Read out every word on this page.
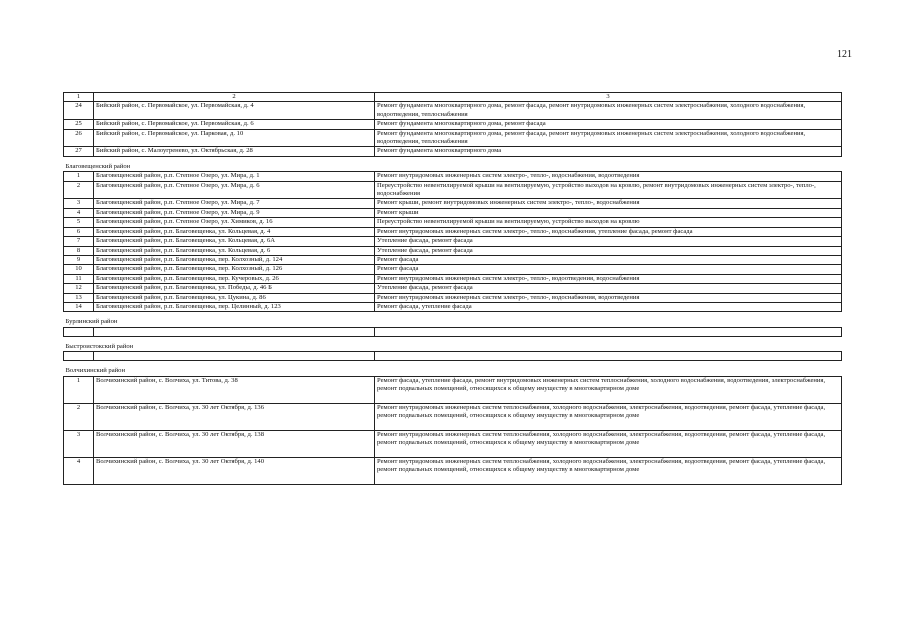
121
1	2	3
24	Бийский район, с. Первомайское, ул. Первомайская, д. 4	Ремонт фундамента многоквартирного дома, ремонт фасада, ремонт внутридомовых инженерных систем электроснабжения, холодного водоснабжения, водоотведения, теплоснабжения
25	Бийский район, с. Первомайское, ул. Первомайская, д. 6	Ремонт фундамента многоквартирного дома, ремонт фасада
26	Бийский район, с. Первомайское, ул. Парковая, д. 10	Ремонт фундамента многоквартирного дома, ремонт фасада, ремонт внутридомовых инженерных систем электроснабжения, холодного водоснабжения, водоотведения, теплоснабжения
27	Бийский район, с. Малоугренево, ул. Октябрьская, д. 28	Ремонт фундамента многоквартирного дома
Благовещенский район		
1	Благовещенский район, р.п. Степное Озеро, ул. Мира, д. 1	Ремонт внутридомовых инженерных систем электро-, тепло-, водоснабжения, водоотведения
2	Благовещенский район, р.п. Степное Озеро, ул. Мира, д. 6	Переустройство невентилируемой крыши на вентилируемую, устройство выходов на кровлю, ремонт внутридомовых инженерных систем электро-, тепло-, водоснабжения
3	Благовещенский район, р.п. Степное Озеро, ул. Мира, д. 7	Ремонт крыши, ремонт внутридомовых инженерных систем электро-, тепло-, водоснабжения
4	Благовещенский район, р.п. Степное Озеро, ул. Мира, д. 9	Ремонт крыши
5	Благовещенский район, р.п. Степное Озеро, ул. Химиков, д. 16	Переустройство невентилируемой крыши на вентилируемую, устройство выходов на кровлю
6	Благовещенский район, р.п. Благовещенка, ул. Кольцевая, д. 4	Ремонт внутридомовых инженерных систем электро-, тепло-, водоснабжения, утепление фасада, ремонт фасада
7	Благовещенский район, р.п. Благовещенка, ул. Кольцевая, д. 6А	Утепление фасада, ремонт фасада
8	Благовещенский район, р.п. Благовещенка, ул. Кольцевая, д. 6	Утепление фасада, ремонт фасада
9	Благовещенский район, р.п. Благовещенка, пер. Колхозный, д. 124	Ремонт фасада
10	Благовещенский район, р.п. Благовещенка, пер. Колхозный, д. 126	Ремонт фасада
11	Благовещенский район, р.п. Благовещенка, пер. Кучеровых, д. 26	Ремонт внутридомовых инженерных систем электро-, тепло-, водоотведения, водоснабжения
12	Благовещенский район, р.п. Благовещенка, ул. Победы, д. 46 Б	Утепление фасада, ремонт фасада
13	Благовещенский район, р.п. Благовещенка, ул. Цукина, д. 86	Ремонт внутридомовых инженерных систем электро-, тепло-, водоснабжения, водоотведения
14	Благовещенский район, р.п. Благовещенка, пер. Целинный, д. 123	Ремонт фасада, утепление фасада
Бурлинский район		

Быстроистокский район		

Волчихинский район		
1	Волчихинский район, с. Волчиха, ул. Титова, д. 38	Ремонт фасада, утепление фасада, ремонт внутридомовых инженерных систем теплоснабжения, холодного водоснабжения, водоотведения, электроснабжения, ремонт подвальных помещений, относящихся к общему имуществу в многоквартирном доме
2	Волчихинский район, с. Волчиха, ул. 30 лет Октября, д. 136	Ремонт внутридомовых инженерных систем теплоснабжения, холодного водоснабжения, электроснабжения, водоотведения, ремонт фасада, утепление фасада, ремонт подвальных помещений, относящихся к общему имуществу в многоквартирном доме
3	Волчихинский район, с. Волчиха, ул. 30 лет Октября, д. 138	Ремонт внутридомовых инженерных систем теплоснабжения, холодного водоснабжения, электроснабжения, водоотведения, ремонт фасада, утепление фасада, ремонт подвальных помещений, относящихся к общему имуществу в многоквартирном доме
4	Волчихинский район, с. Волчиха, ул. 30 лет Октября, д. 140	Ремонт внутридомовых инженерных систем теплоснабжения, холодного водоснабжения, электроснабжения, водоотведения, ремонт фасада, утепление фасада, ремонт подвальных помещений, относящихся к общему имуществу в многоквартирном доме
